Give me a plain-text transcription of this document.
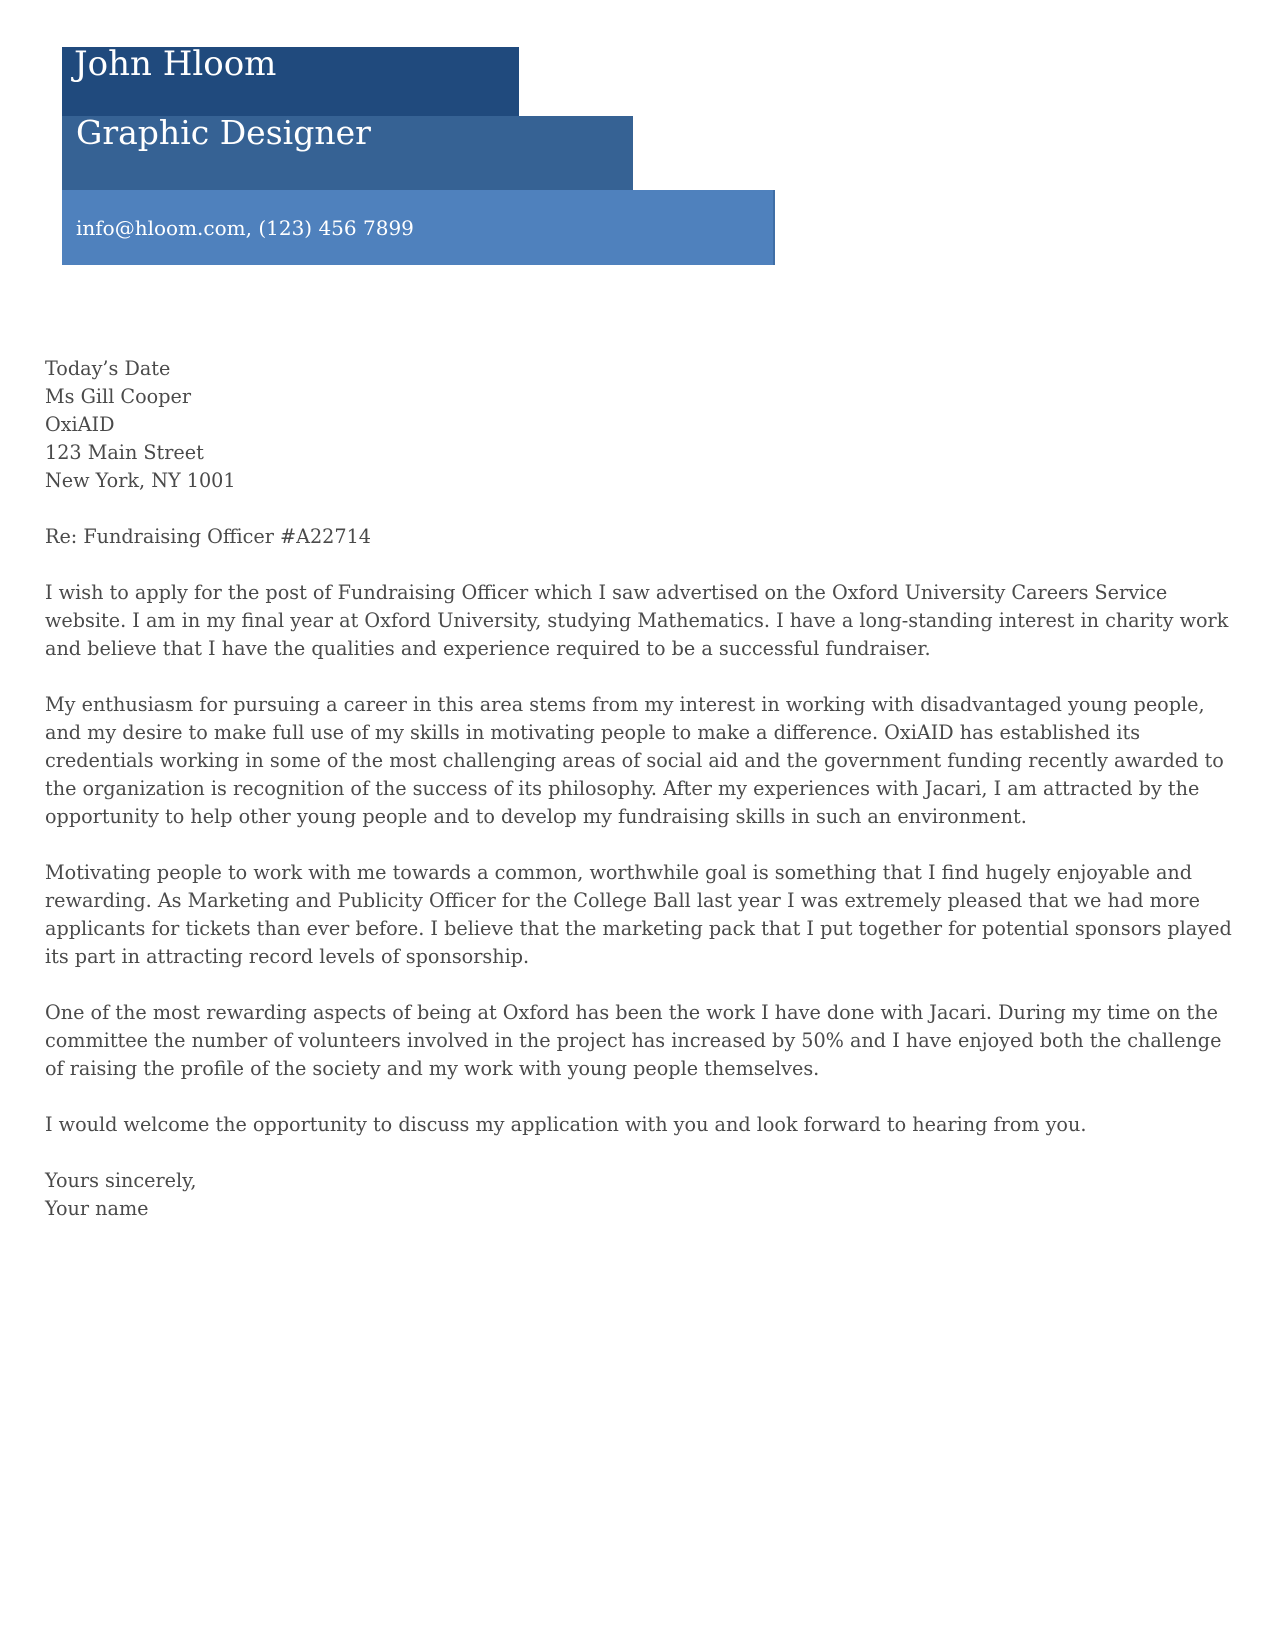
John Hloom
Graphic Designer
info@hloom.com, (123) 456 7899

Today’s Date
Ms Gill Cooper
OxiAID
123 Main Street
New York, NY 1001

Re: Fundraising Officer #A22714

I wish to apply for the post of Fundraising Officer which I saw advertised on the Oxford University Careers Service website. I am in my final year at Oxford University, studying Mathematics. I have a long-standing interest in charity work and believe that I have the qualities and experience required to be a successful fundraiser.

My enthusiasm for pursuing a career in this area stems from my interest in working with disadvantaged young people, and my desire to make full use of my skills in motivating people to make a difference. OxiAID has established its credentials working in some of the most challenging areas of social aid and the government funding recently awarded to the organization is recognition of the success of its philosophy. After my experiences with Jacari, I am attracted by the opportunity to help other young people and to develop my fundraising skills in such an environment.

Motivating people to work with me towards a common, worthwhile goal is something that I find hugely enjoyable and rewarding. As Marketing and Publicity Officer for the College Ball last year I was extremely pleased that we had more applicants for tickets than ever before. I believe that the marketing pack that I put together for potential sponsors played its part in attracting record levels of sponsorship.

One of the most rewarding aspects of being at Oxford has been the work I have done with Jacari. During my time on the committee the number of volunteers involved in the project has increased by 50% and I have enjoyed both the challenge of raising the profile of the society and my work with young people themselves.

I would welcome the opportunity to discuss my application with you and look forward to hearing from you.

Yours sincerely,
Your name
